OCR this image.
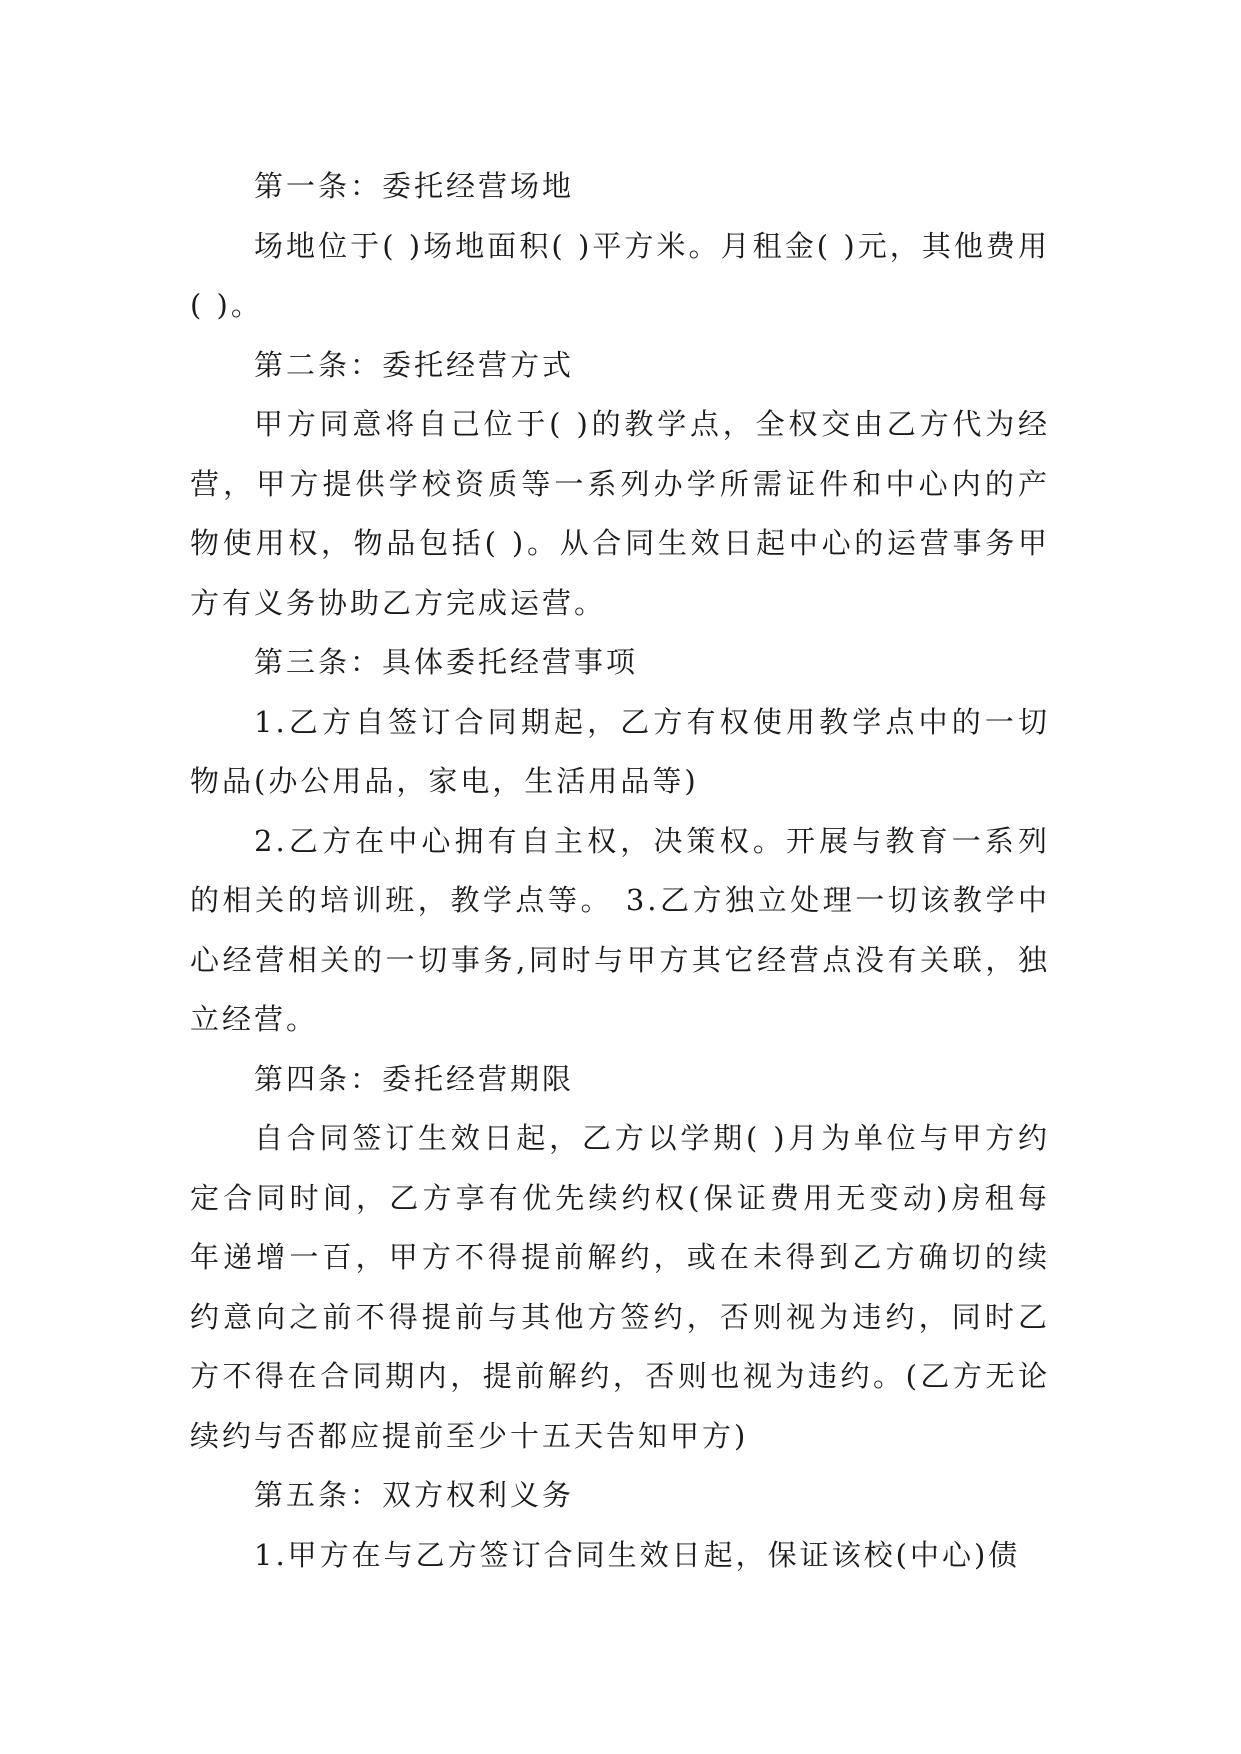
第一条：委托经营场地

场地位于( )场地面积( )平方米。月租金( )元，其他费用( )。

第二条：委托经营方式

甲方同意将自己位于( )的教学点，全权交由乙方代为经营，甲方提供学校资质等一系列办学所需证件和中心内的产物使用权，物品包括( )。从合同生效日起中心的运营事务甲方有义务协助乙方完成运营。

第三条：具体委托经营事项

1.乙方自签订合同期起，乙方有权使用教学点中的一切物品(办公用品，家电，生活用品等)

2.乙方在中心拥有自主权，决策权。开展与教育一系列的相关的培训班，教学点等。 3.乙方独立处理一切该教学中心经营相关的一切事务,同时与甲方其它经营点没有关联，独立经营。

第四条：委托经营期限

自合同签订生效日起，乙方以学期( )月为单位与甲方约定合同时间，乙方享有优先续约权(保证费用无变动)房租每年递增一百，甲方不得提前解约，或在未得到乙方确切的续约意向之前不得提前与其他方签约，否则视为违约，同时乙方不得在合同期内，提前解约，否则也视为违约。(乙方无论续约与否都应提前至少十五天告知甲方)

第五条：双方权利义务

1.甲方在与乙方签订合同生效日起，保证该校(中心)债
